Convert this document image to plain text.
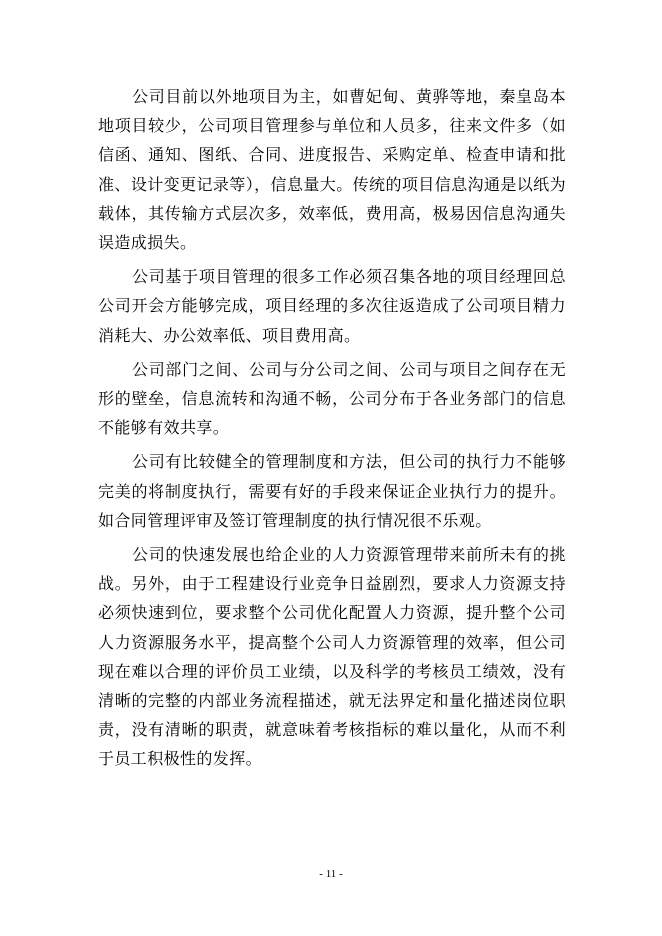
公司目前以外地项目为主，如曹妃甸、黄骅等地，秦皇岛本地项目较少，公司项目管理参与单位和人员多，往来文件多（如信函、通知、图纸、合同、进度报告、采购定单、检查申请和批准、设计变更记录等），信息量大。传统的项目信息沟通是以纸为载体，其传输方式层次多，效率低，费用高，极易因信息沟通失误造成损失。

公司基于项目管理的很多工作必须召集各地的项目经理回总公司开会方能够完成，项目经理的多次往返造成了公司项目精力消耗大、办公效率低、项目费用高。

公司部门之间、公司与分公司之间、公司与项目之间存在无形的壁垒，信息流转和沟通不畅，公司分布于各业务部门的信息不能够有效共享。

公司有比较健全的管理制度和方法，但公司的执行力不能够完美的将制度执行，需要有好的手段来保证企业执行力的提升。如合同管理评审及签订管理制度的执行情况很不乐观。

公司的快速发展也给企业的人力资源管理带来前所未有的挑战。另外，由于工程建设行业竞争日益剧烈，要求人力资源支持必须快速到位，要求整个公司优化配置人力资源，提升整个公司人力资源服务水平，提高整个公司人力资源管理的效率，但公司现在难以合理的评价员工业绩，以及科学的考核员工绩效，没有清晰的完整的内部业务流程描述，就无法界定和量化描述岗位职责，没有清晰的职责，就意味着考核指标的难以量化，从而不利于员工积极性的发挥。

- 11 -
